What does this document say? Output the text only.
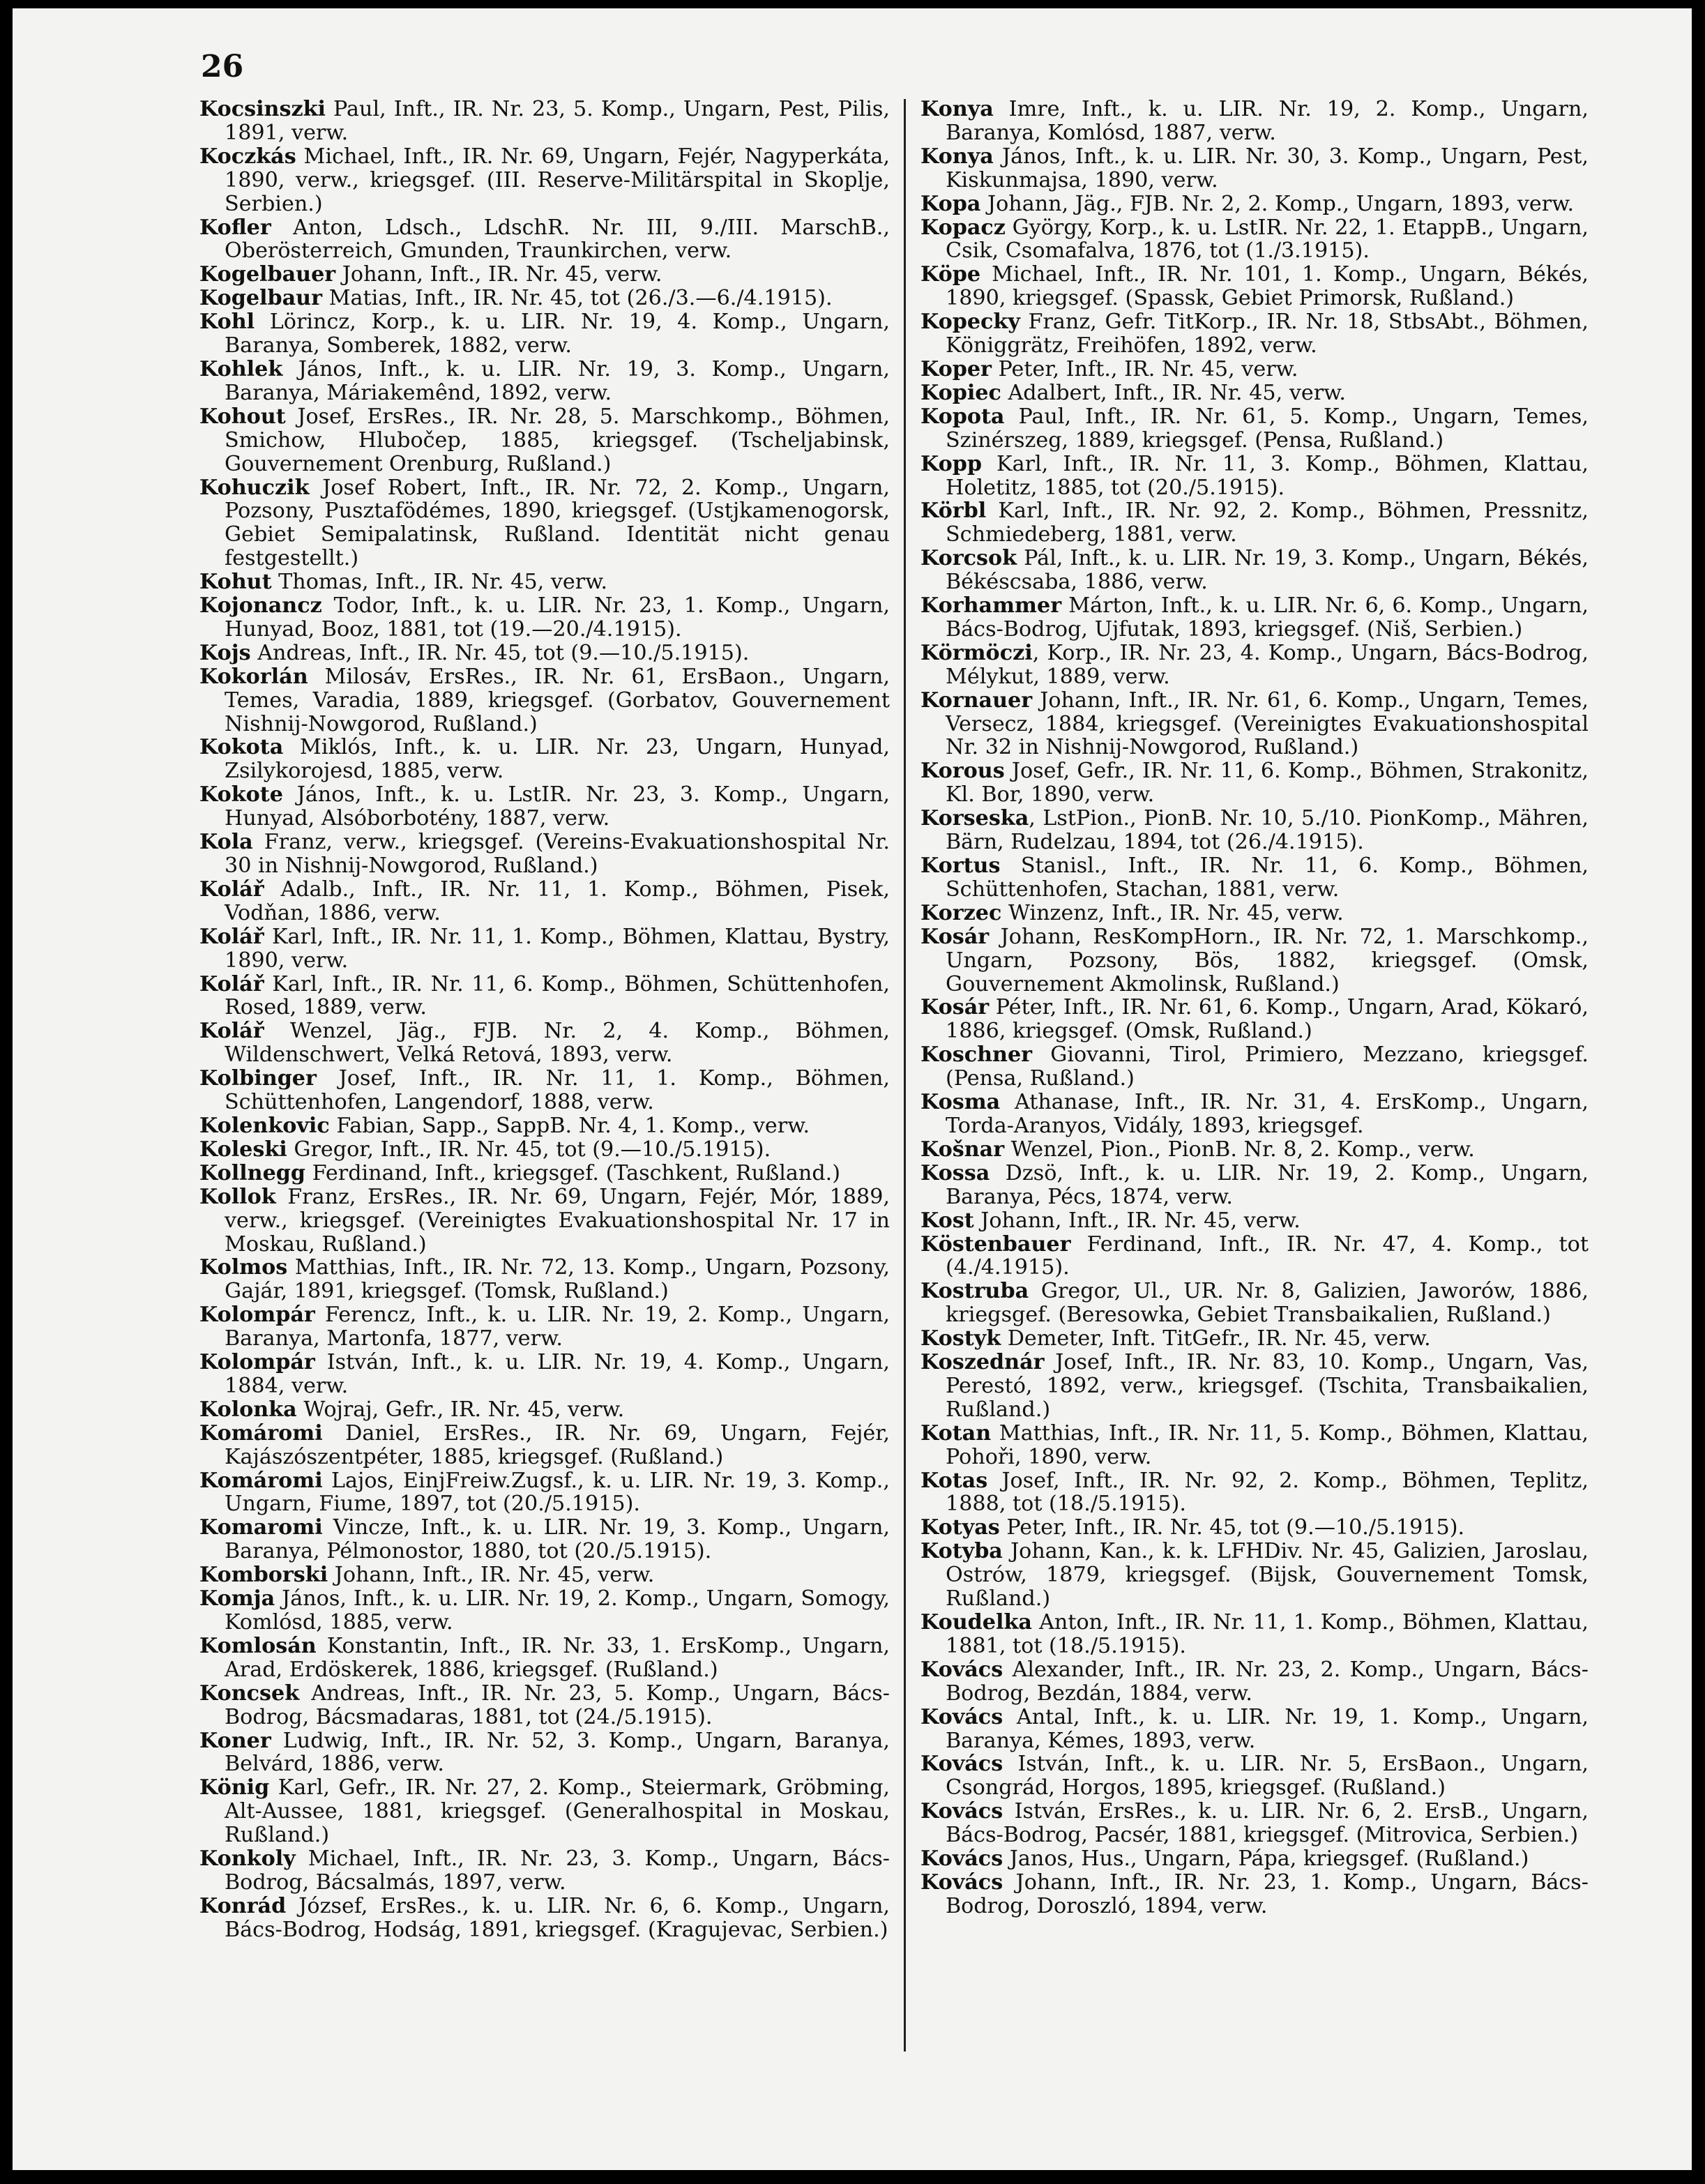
26

Kocsinszki Paul, Inft., IR. Nr. 23, 5. Komp., Ungarn, Pest, Pilis, 1891, verw.

Koczkás Michael, Inft., IR. Nr. 69, Ungarn, Fejér, Nagyperkáta, 1890, verw., kriegsgef. (III. Reserve-Militärspital in Skoplje, Serbien.)

Kofler Anton, Ldsch., LdschR. Nr. III, 9./III. MarschB., Oberösterreich, Gmunden, Traunkirchen, verw.

Kogelbauer Johann, Inft., IR. Nr. 45, verw.

Kogelbaur Matias, Inft., IR. Nr. 45, tot (26./3.—6./4.1915).

Kohl Lörincz, Korp., k. u. LIR. Nr. 19, 4. Komp., Ungarn, Baranya, Somberek, 1882, verw.

Kohlek János, Inft., k. u. LIR. Nr. 19, 3. Komp., Ungarn, Baranya, Máriakemênd, 1892, verw.

Kohout Josef, ErsRes., IR. Nr. 28, 5. Marschkomp., Böhmen, Smichow, Hlubočep, 1885, kriegsgef. (Tscheljabinsk, Gouvernement Orenburg, Rußland.)

Kohuczik Josef Robert, Inft., IR. Nr. 72, 2. Komp., Ungarn, Pozsony, Pusztafödémes, 1890, kriegsgef. (Ustjkamenogorsk, Gebiet Semipalatinsk, Rußland. Identität nicht genau festgestellt.)

Kohut Thomas, Inft., IR. Nr. 45, verw.

Kojonancz Todor, Inft., k. u. LIR. Nr. 23, 1. Komp., Ungarn, Hunyad, Booz, 1881, tot (19.—20./4.1915).

Kojs Andreas, Inft., IR. Nr. 45, tot (9.—10./5.1915).

Kokorlán Milosáv, ErsRes., IR. Nr. 61, ErsBaon., Ungarn, Temes, Varadia, 1889, kriegsgef. (Gorbatov, Gouvernement Nishnij-Nowgorod, Rußland.)

Kokota Miklós, Inft., k. u. LIR. Nr. 23, Ungarn, Hunyad, Zsilykorojesd, 1885, verw.

Kokote János, Inft., k. u. LstIR. Nr. 23, 3. Komp., Ungarn, Hunyad, Alsóborbotény, 1887, verw.

Kola Franz, verw., kriegsgef. (Vereins-Evakuationshospital Nr. 30 in Nishnij-Nowgorod, Rußland.)

Kolář Adalb., Inft., IR. Nr. 11, 1. Komp., Böhmen, Pisek, Vodňan, 1886, verw.

Kolář Karl, Inft., IR. Nr. 11, 1. Komp., Böhmen, Klattau, Bystry, 1890, verw.

Kolář Karl, Inft., IR. Nr. 11, 6. Komp., Böhmen, Schüttenhofen, Rosed, 1889, verw.

Kolář Wenzel, Jäg., FJB. Nr. 2, 4. Komp., Böhmen, Wildenschwert, Velká Retová, 1893, verw.

Kolbinger Josef, Inft., IR. Nr. 11, 1. Komp., Böhmen, Schüttenhofen, Langendorf, 1888, verw.

Kolenkovic Fabian, Sapp., SappB. Nr. 4, 1. Komp., verw.

Koleski Gregor, Inft., IR. Nr. 45, tot (9.—10./5.1915).

Kollnegg Ferdinand, Inft., kriegsgef. (Taschkent, Rußland.)

Kollok Franz, ErsRes., IR. Nr. 69, Ungarn, Fejér, Mór, 1889, verw., kriegsgef. (Vereinigtes Evakuationshospital Nr. 17 in Moskau, Rußland.)

Kolmos Matthias, Inft., IR. Nr. 72, 13. Komp., Ungarn, Pozsony, Gajár, 1891, kriegsgef. (Tomsk, Rußland.)

Kolompár Ferencz, Inft., k. u. LIR. Nr. 19, 2. Komp., Ungarn, Baranya, Martonfa, 1877, verw.

Kolompár István, Inft., k. u. LIR. Nr. 19, 4. Komp., Ungarn, 1884, verw.

Kolonka Wojraj, Gefr., IR. Nr. 45, verw.

Komáromi Daniel, ErsRes., IR. Nr. 69, Ungarn, Fejér, Kajászószentpéter, 1885, kriegsgef. (Rußland.)

Komáromi Lajos, EinjFreiw.Zugsf., k. u. LIR. Nr. 19, 3. Komp., Ungarn, Fiume, 1897, tot (20./5.1915).

Komaromi Vincze, Inft., k. u. LIR. Nr. 19, 3. Komp., Ungarn, Baranya, Pélmonostor, 1880, tot (20./5.1915).

Komborski Johann, Inft., IR. Nr. 45, verw.

Komja János, Inft., k. u. LIR. Nr. 19, 2. Komp., Ungarn, Somogy, Komlósd, 1885, verw.

Komlosán Konstantin, Inft., IR. Nr. 33, 1. ErsKomp., Ungarn, Arad, Erdöskerek, 1886, kriegsgef. (Rußland.)

Koncsek Andreas, Inft., IR. Nr. 23, 5. Komp., Ungarn, Bács-Bodrog, Bácsmadaras, 1881, tot (24./5.1915).

Koner Ludwig, Inft., IR. Nr. 52, 3. Komp., Ungarn, Baranya, Belvárd, 1886, verw.

König Karl, Gefr., IR. Nr. 27, 2. Komp., Steiermark, Gröbming, Alt-Aussee, 1881, kriegsgef. (Generalhospital in Moskau, Rußland.)

Konkoly Michael, Inft., IR. Nr. 23, 3. Komp., Ungarn, Bács-Bodrog, Bácsalmás, 1897, verw.

Konrád József, ErsRes., k. u. LIR. Nr. 6, 6. Komp., Ungarn, Bács-Bodrog, Hodság, 1891, kriegsgef. (Kragujevac, Serbien.)

Konya Imre, Inft., k. u. LIR. Nr. 19, 2. Komp., Ungarn, Baranya, Komlósd, 1887, verw.

Konya János, Inft., k. u. LIR. Nr. 30, 3. Komp., Ungarn, Pest, Kiskunmajsa, 1890, verw.

Kopa Johann, Jäg., FJB. Nr. 2, 2. Komp., Ungarn, 1893, verw.

Kopacz György, Korp., k. u. LstIR. Nr. 22, 1. EtappB., Ungarn, Csik, Csomafalva, 1876, tot (1./3.1915).

Köpe Michael, Inft., IR. Nr. 101, 1. Komp., Ungarn, Békés, 1890, kriegsgef. (Spassk, Gebiet Primorsk, Rußland.)

Kopecky Franz, Gefr. TitKorp., IR. Nr. 18, StbsAbt., Böhmen, Königgrätz, Freihöfen, 1892, verw.

Koper Peter, Inft., IR. Nr. 45, verw.

Kopiec Adalbert, Inft., IR. Nr. 45, verw.

Kopota Paul, Inft., IR. Nr. 61, 5. Komp., Ungarn, Temes, Szinérszeg, 1889, kriegsgef. (Pensa, Rußland.)

Kopp Karl, Inft., IR. Nr. 11, 3. Komp., Böhmen, Klattau, Holetitz, 1885, tot (20./5.1915).

Körbl Karl, Inft., IR. Nr. 92, 2. Komp., Böhmen, Pressnitz, Schmiedeberg, 1881, verw.

Korcsok Pál, Inft., k. u. LIR. Nr. 19, 3. Komp., Ungarn, Békés, Békéscsaba, 1886, verw.

Korhammer Márton, Inft., k. u. LIR. Nr. 6, 6. Komp., Ungarn, Bács-Bodrog, Ujfutak, 1893, kriegsgef. (Niš, Serbien.)

Körmöczi, Korp., IR. Nr. 23, 4. Komp., Ungarn, Bács-Bodrog, Mélykut, 1889, verw.

Kornauer Johann, Inft., IR. Nr. 61, 6. Komp., Ungarn, Temes, Versecz, 1884, kriegsgef. (Vereinigtes Evakuationshospital Nr. 32 in Nishnij-Nowgorod, Rußland.)

Korous Josef, Gefr., IR. Nr. 11, 6. Komp., Böhmen, Strakonitz, Kl. Bor, 1890, verw.

Korseska, LstPion., PionB. Nr. 10, 5./10. PionKomp., Mähren, Bärn, Rudelzau, 1894, tot (26./4.1915).

Kortus Stanisl., Inft., IR. Nr. 11, 6. Komp., Böhmen, Schüttenhofen, Stachan, 1881, verw.

Korzec Winzenz, Inft., IR. Nr. 45, verw.

Kosár Johann, ResKompHorn., IR. Nr. 72, 1. Marschkomp., Ungarn, Pozsony, Bös, 1882, kriegsgef. (Omsk, Gouvernement Akmolinsk, Rußland.)

Kosár Péter, Inft., IR. Nr. 61, 6. Komp., Ungarn, Arad, Kökaró, 1886, kriegsgef. (Omsk, Rußland.)

Koschner Giovanni, Tirol, Primiero, Mezzano, kriegsgef. (Pensa, Rußland.)

Kosma Athanase, Inft., IR. Nr. 31, 4. ErsKomp., Ungarn, Torda-Aranyos, Vidály, 1893, kriegsgef.

Košnar Wenzel, Pion., PionB. Nr. 8, 2. Komp., verw.

Kossa Dzsö, Inft., k. u. LIR. Nr. 19, 2. Komp., Ungarn, Baranya, Pécs, 1874, verw.

Kost Johann, Inft., IR. Nr. 45, verw.

Köstenbauer Ferdinand, Inft., IR. Nr. 47, 4. Komp., tot (4./4.1915).

Kostruba Gregor, Ul., UR. Nr. 8, Galizien, Jaworów, 1886, kriegsgef. (Beresowka, Gebiet Transbaikalien, Rußland.)

Kostyk Demeter, Inft. TitGefr., IR. Nr. 45, verw.

Koszednár Josef, Inft., IR. Nr. 83, 10. Komp., Ungarn, Vas, Perestó, 1892, verw., kriegsgef. (Tschita, Transbaikalien, Rußland.)

Kotan Matthias, Inft., IR. Nr. 11, 5. Komp., Böhmen, Klattau, Pohoři, 1890, verw.

Kotas Josef, Inft., IR. Nr. 92, 2. Komp., Böhmen, Teplitz, 1888, tot (18./5.1915).

Kotyas Peter, Inft., IR. Nr. 45, tot (9.—10./5.1915).

Kotyba Johann, Kan., k. k. LFHDiv. Nr. 45, Galizien, Jaroslau, Ostrów, 1879, kriegsgef. (Bijsk, Gouvernement Tomsk, Rußland.)

Koudelka Anton, Inft., IR. Nr. 11, 1. Komp., Böhmen, Klattau, 1881, tot (18./5.1915).

Kovács Alexander, Inft., IR. Nr. 23, 2. Komp., Ungarn, Bács-Bodrog, Bezdán, 1884, verw.

Kovács Antal, Inft., k. u. LIR. Nr. 19, 1. Komp., Ungarn, Baranya, Kémes, 1893, verw.

Kovács István, Inft., k. u. LIR. Nr. 5, ErsBaon., Ungarn, Csongrád, Horgos, 1895, kriegsgef. (Rußland.)

Kovács István, ErsRes., k. u. LIR. Nr. 6, 2. ErsB., Ungarn, Bács-Bodrog, Pacsér, 1881, kriegsgef. (Mitrovica, Serbien.)

Kovács Janos, Hus., Ungarn, Pápa, kriegsgef. (Rußland.)

Kovács Johann, Inft., IR. Nr. 23, 1. Komp., Ungarn, Bács-Bodrog, Doroszló, 1894, verw.
